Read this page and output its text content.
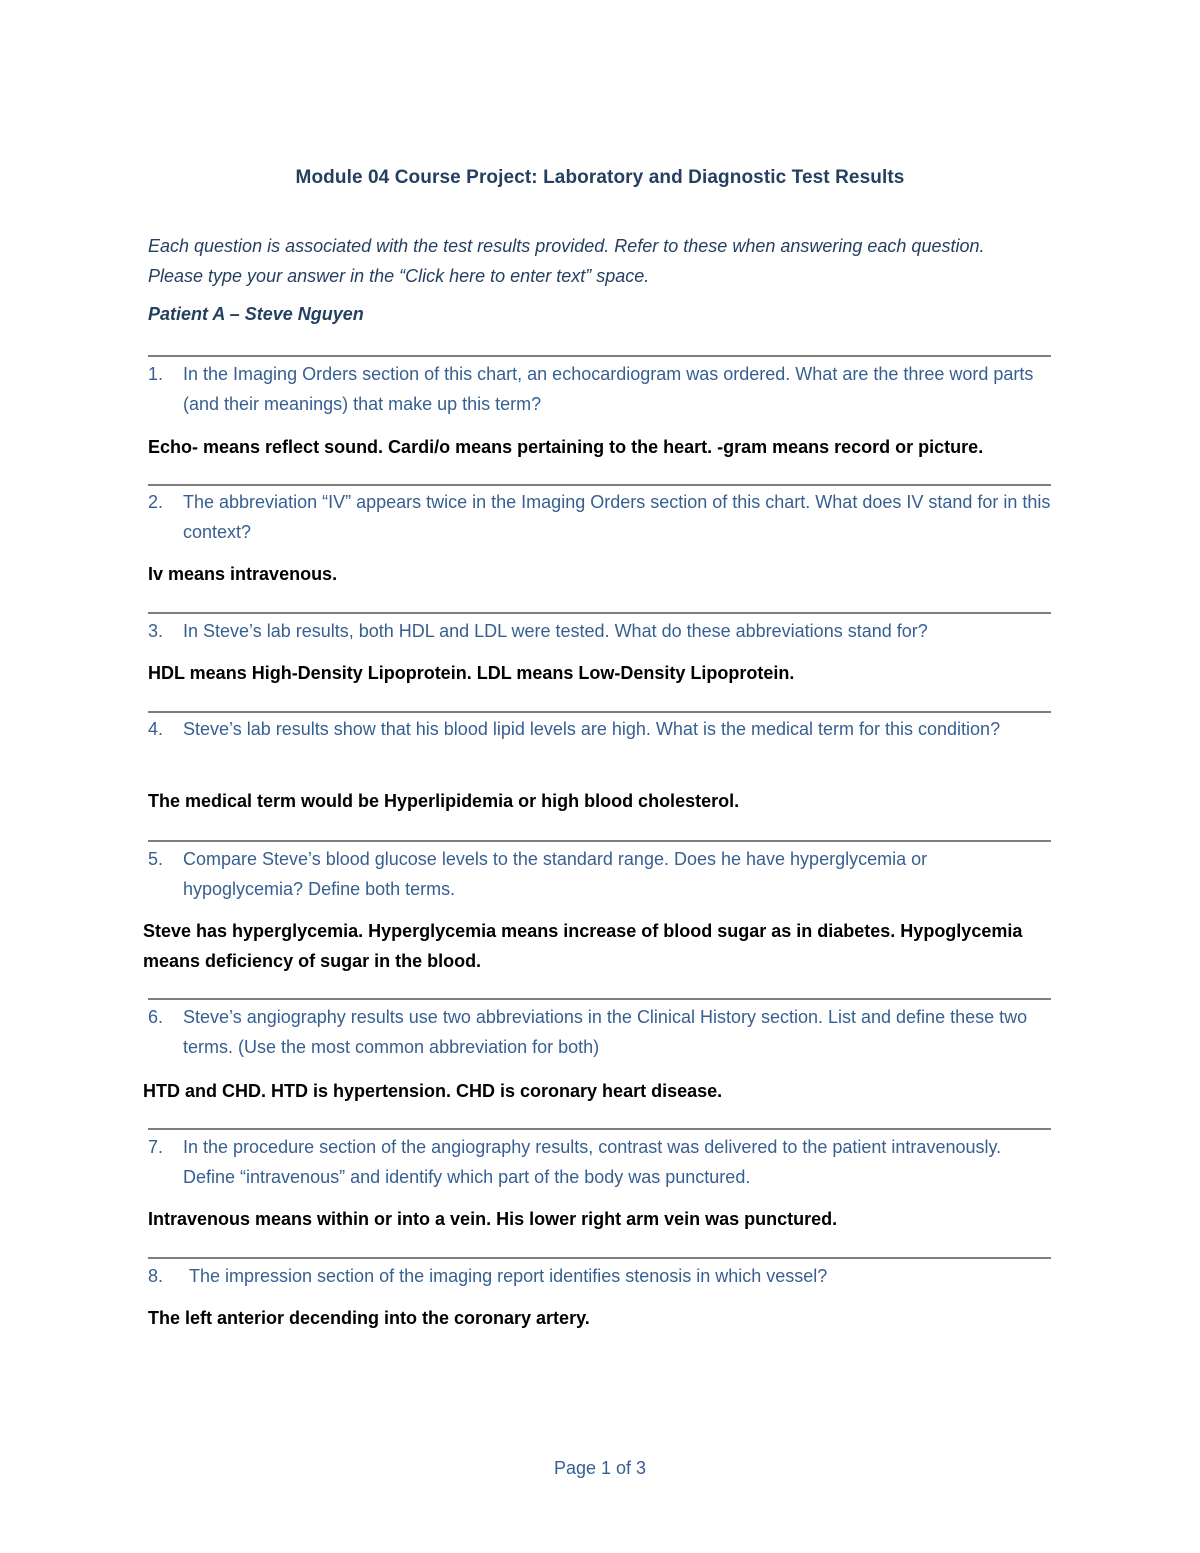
Module 04 Course Project: Laboratory and Diagnostic Test Results
Each question is associated with the test results provided. Refer to these when answering each question. Please type your answer in the “Click here to enter text” space.
Patient A – Steve Nguyen
1. In the Imaging Orders section of this chart, an echocardiogram was ordered. What are the three word parts (and their meanings) that make up this term?
Echo- means reflect sound. Cardi/o means pertaining to the heart. -gram means record or picture.
2. The abbreviation “IV” appears twice in the Imaging Orders section of this chart. What does IV stand for in this context?
Iv means intravenous.
3. In Steve’s lab results, both HDL and LDL were tested. What do these abbreviations stand for?
HDL means High-Density Lipoprotein. LDL means Low-Density Lipoprotein.
4. Steve’s lab results show that his blood lipid levels are high. What is the medical term for this condition?
The medical term would be Hyperlipidemia or high blood cholesterol.
5. Compare Steve’s blood glucose levels to the standard range. Does he have hyperglycemia or hypoglycemia? Define both terms.
Steve has hyperglycemia. Hyperglycemia means increase of blood sugar as in diabetes. Hypoglycemia means deficiency of sugar in the blood.
6. Steve’s angiography results use two abbreviations in the Clinical History section. List and define these two terms. (Use the most common abbreviation for both)
HTD and CHD. HTD is hypertension. CHD is coronary heart disease.
7. In the procedure section of the angiography results, contrast was delivered to the patient intravenously. Define “intravenous” and identify which part of the body was punctured.
Intravenous means within or into a vein. His lower right arm vein was punctured.
8. The impression section of the imaging report identifies stenosis in which vessel?
The left anterior decending into the coronary artery.
Page 1 of 3
